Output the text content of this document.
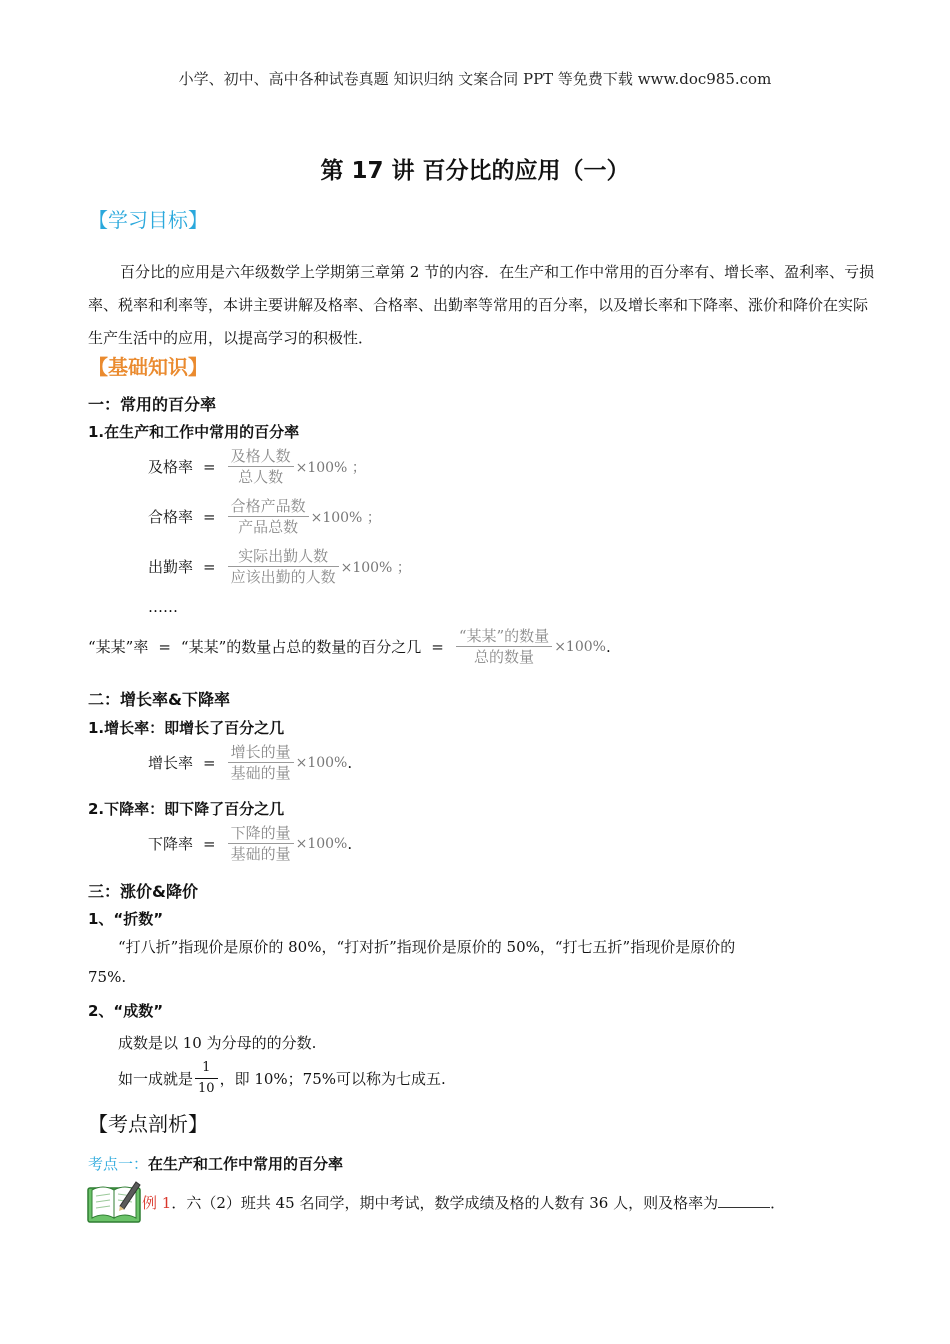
小学、初中、高中各种试卷真题 知识归纳 文案合同 PPT 等免费下载 www.doc985.com
第 17 讲 百分比的应用（一）
【学习目标】
百分比的应用是六年级数学上学期第三章第 2 节的内容．在生产和工作中常用的百分率有、增长率、盈利率、亏损率、税率和利率等，本讲主要讲解及格率、合格率、出勤率等常用的百分率，以及增长率和下降率、涨价和降价在实际生产生活中的应用，以提高学习的积极性．
【基础知识】
一：常用的百分率
1.在生产和工作中常用的百分率
及格率 = $\frac{\text{及格人数}}{\text{总人数}} \times 100\%$ ；
合格率 = $\frac{\text{合格产品数}}{\text{产品总数}} \times 100\%$ ；
出勤率 = $\frac{\text{实际出勤人数}}{\text{应该出勤的人数}} \times 100\%$ ；
……
“某某”率 = “某某”的数量占总的数量的百分之几 = $\frac{\text{“某某”的数量}}{\text{总的数量}} \times 100\%$ .
二：增长率&下降率
1.增长率：即增长了百分之几
增长率 = $\frac{\text{增长的量}}{\text{基础的量}} \times 100\%$ .
2.下降率：即下降了百分之几
下降率 = $\frac{\text{下降的量}}{\text{基础的量}} \times 100\%$ .
三：涨价&降价
1、“折数”
“打八折”指现价是原价的 80%，“打对折”指现价是原价的 50%，“打七五折”指现价是原价的
75%.
2、“成数”
成数是以 10 为分母的的分数.
如一成就是 $\frac{1}{10}$ ，即 10%；75%可以称为七成五.
【考点剖析】
考点一：在生产和工作中常用的百分率
例 1．六（2）班共 45 名同学，期中考试，数学成绩及格的人数有 36 人，则及格率为	．
